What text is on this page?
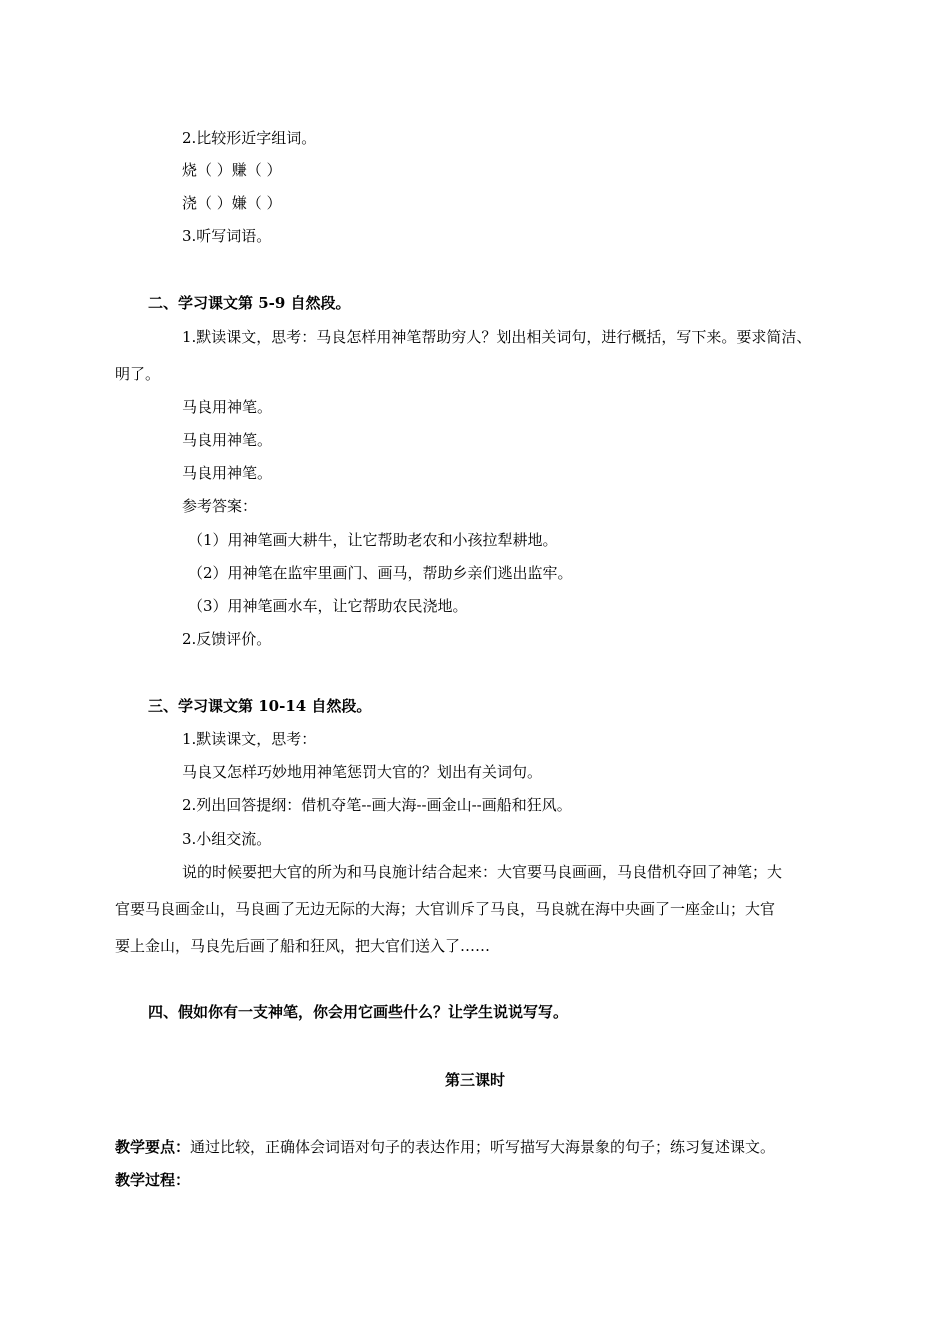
2.比较形近字组词。

烧（ ）赚（ ）

浇（ ）嫌（ ）

3.听写词语。

二、学习课文第 5-9 自然段。

1.默读课文，思考：马良怎样用神笔帮助穷人？划出相关词句，进行概括，写下来。要求简洁、

明了。

马良用神笔。

马良用神笔。

马良用神笔。

参考答案：

（1）用神笔画大耕牛，让它帮助老农和小孩拉犁耕地。

（2）用神笔在监牢里画门、画马，帮助乡亲们逃出监牢。

（3）用神笔画水车，让它帮助农民浇地。

2.反馈评价。

三、学习课文第 10-14 自然段。

1.默读课文，思考：

马良又怎样巧妙地用神笔惩罚大官的？划出有关词句。

2.列出回答提纲：借机夺笔--画大海--画金山--画船和狂风。

3.小组交流。

说的时候要把大官的所为和马良施计结合起来：大官要马良画画，马良借机夺回了神笔；大

官要马良画金山，马良画了无边无际的大海；大官训斥了马良，马良就在海中央画了一座金山；大官

要上金山，马良先后画了船和狂风，把大官们送入了……

四、假如你有一支神笔，你会用它画些什么？让学生说说写写。

第三课时

教学要点：通过比较，正确体会词语对句子的表达作用；听写描写大海景象的句子；练习复述课文。

教学过程：
